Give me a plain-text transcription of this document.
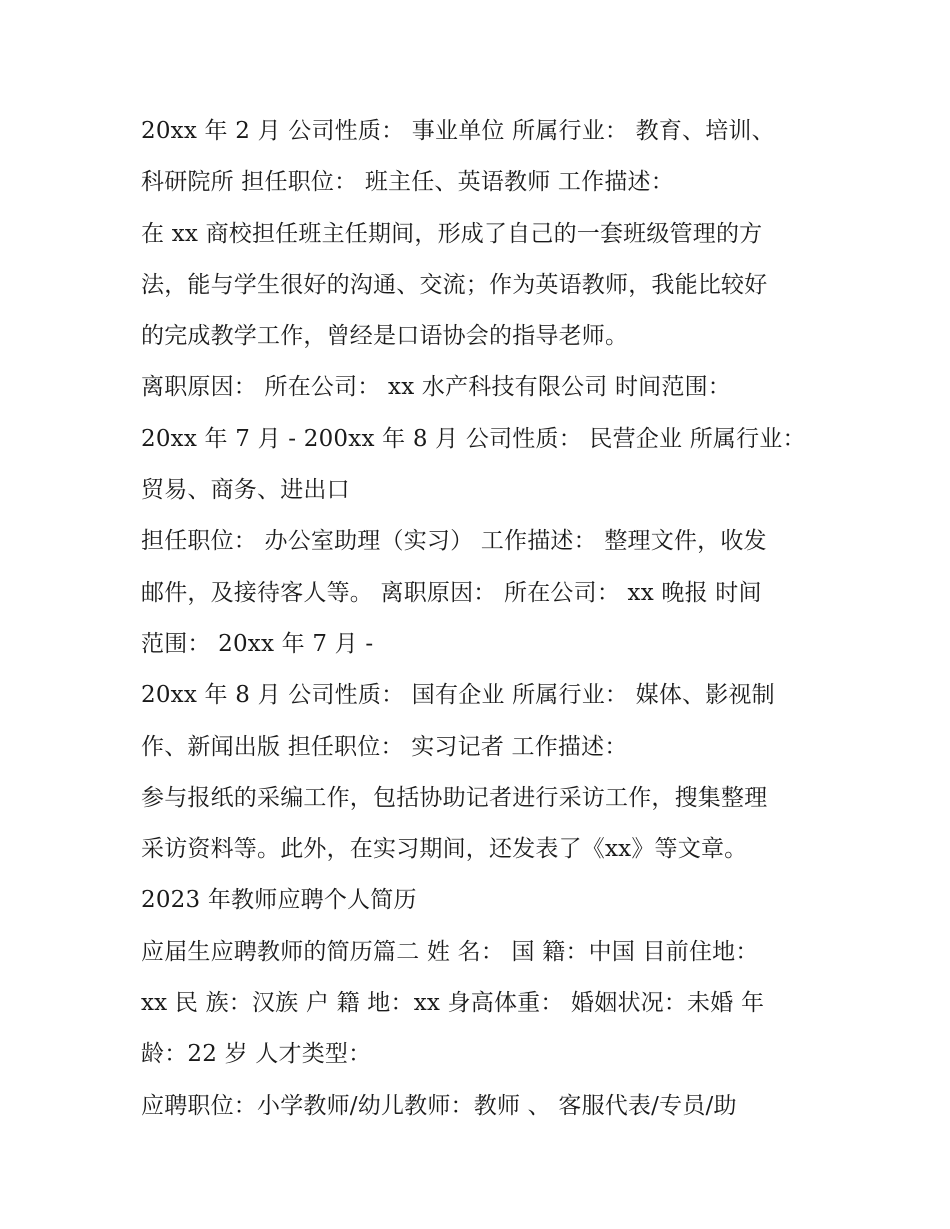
20xx 年 2 月 公司性质： 事业单位 所属行业： 教育、培训、
科研院所 担任职位： 班主任、英语教师 工作描述：
在 xx 商校担任班主任期间，形成了自己的一套班级管理的方
法，能与学生很好的沟通、交流；作为英语教师，我能比较好
的完成教学工作，曾经是口语协会的指导老师。
离职原因： 所在公司： xx 水产科技有限公司 时间范围：
20xx 年 7 月 - 200xx 年 8 月 公司性质： 民营企业 所属行业：
贸易、商务、进出口
担任职位： 办公室助理（实习） 工作描述： 整理文件，收发
邮件，及接待客人等。 离职原因： 所在公司： xx 晚报 时间
范围： 20xx 年 7 月 -
20xx 年 8 月 公司性质： 国有企业 所属行业： 媒体、影视制
作、新闻出版 担任职位： 实习记者 工作描述：
参与报纸的采编工作，包括协助记者进行采访工作，搜集整理
采访资料等。此外，在实习期间，还发表了《xx》等文章。
2023 年教师应聘个人简历
应届生应聘教师的简历篇二 姓 名： 国 籍：中国 目前住地：
xx 民 族：汉族 户 籍 地：xx 身高体重： 婚姻状况：未婚 年
龄：22 岁 人才类型：
应聘职位：小学教师/幼儿教师：教师 、 客服代表/专员/助
